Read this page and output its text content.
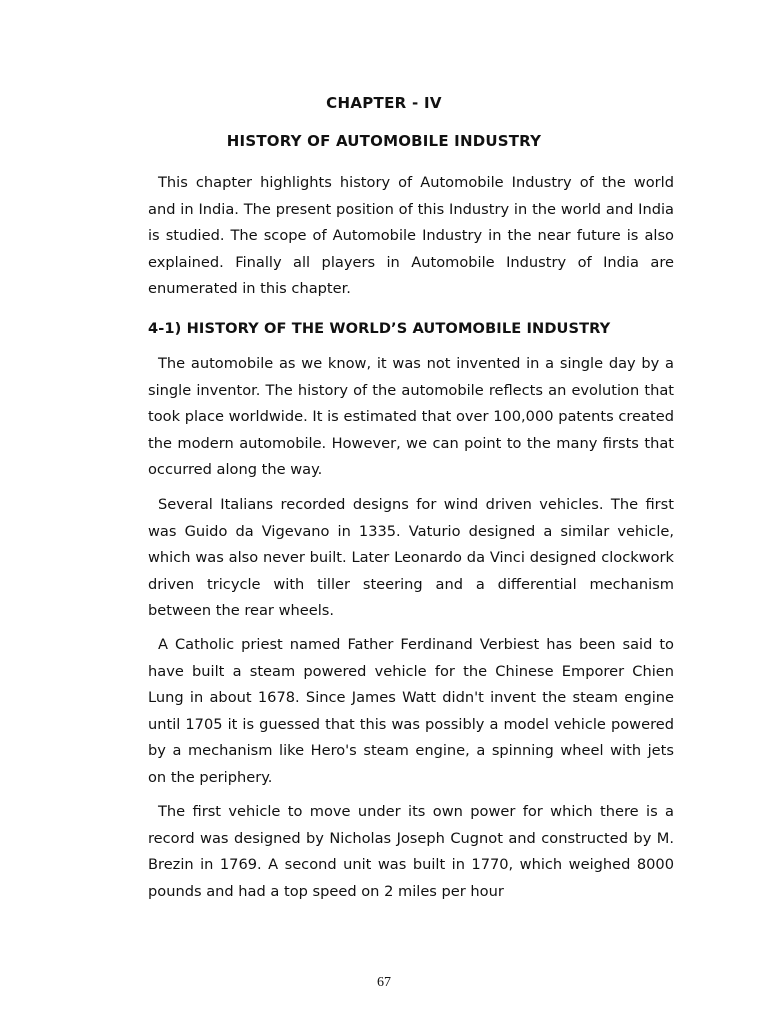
CHAPTER - IV
HISTORY OF AUTOMOBILE INDUSTRY

This chapter highlights history of Automobile Industry of the world and in India. The present position of this Industry in the world and India is studied. The scope of Automobile Industry in the near future is also explained. Finally all players in Automobile Industry of India are enumerated in this chapter.

4-1) HISTORY OF THE WORLD’S AUTOMOBILE INDUSTRY

The automobile as we know, it was not invented in a single day by a single inventor. The history of the automobile reflects an evolution that took place worldwide. It is estimated that over 100,000 patents created the modern automobile. However, we can point to the many firsts that occurred along the way.

Several Italians recorded designs for wind driven vehicles. The first was Guido da Vigevano in 1335. Vaturio designed a similar vehicle, which was also never built. Later Leonardo da Vinci designed clockwork driven tricycle with tiller steering and a differential mechanism between the rear wheels.

A Catholic priest named Father Ferdinand Verbiest has been said to have built a steam powered vehicle for the Chinese Emporer Chien Lung in about 1678. Since James Watt didn't invent the steam engine until 1705 it is guessed that this was possibly a model vehicle powered by a mechanism like Hero's steam engine, a spinning wheel with jets on the periphery.

The first vehicle to move under its own power for which there is a record was designed by Nicholas Joseph Cugnot and constructed by M. Brezin in 1769. A second unit was built in 1770, which weighed 8000 pounds and had a top speed on 2 miles per hour

67
